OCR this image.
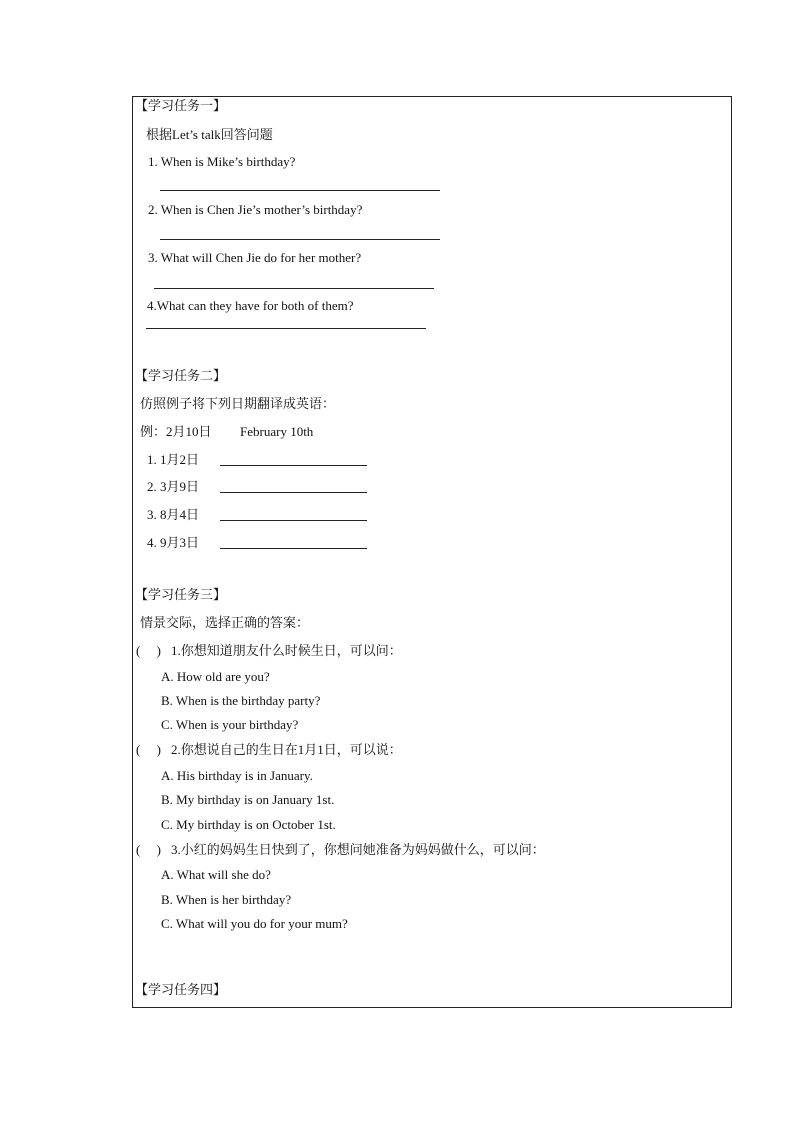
【学习任务一】
根据Let’s talk回答问题
1. When is Mike’s birthday?
2. When is Chen Jie’s mother’s birthday?
3. What will Chen Jie do for her mother?
4.What can they have for both of them?
【学习任务二】
仿照例子将下列日期翻译成英语：
例：2月10日 February 10th
1. 1月2日
2. 3月9日
3. 8月4日
4. 9月3日
【学习任务三】
情景交际，选择正确的答案：
(　 ) 1.你想知道朋友什么时候生日，可以问：
A. How old are you?
B. When is the birthday party?
C. When is your birthday?
(　 ) 2.你想说自己的生日在1月1日，可以说：
A. His birthday is in January.
B. My birthday is on January 1st.
C. My birthday is on October 1st.
(　 ) 3.小红的妈妈生日快到了，你想问她准备为妈妈做什么，可以问：
A. What will she do?
B. When is her birthday?
C. What will you do for your mum?
【学习任务四】
